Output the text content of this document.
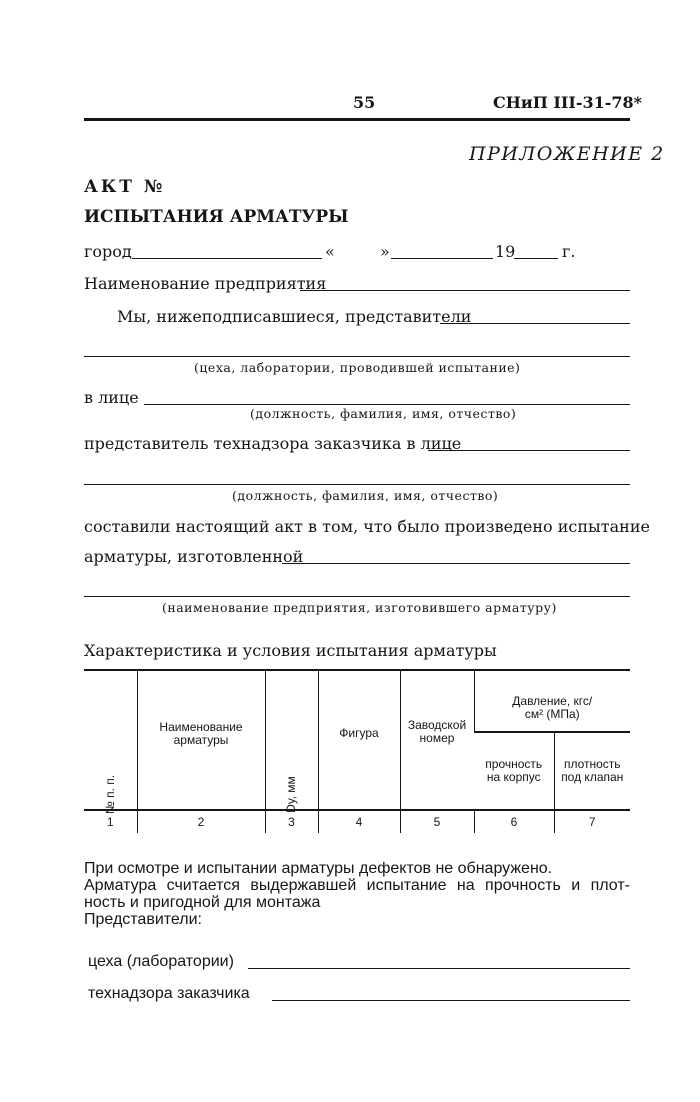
55	СНиП III-31-78*
ПРИЛОЖЕНИЕ 2
АКТ №
ИСПЫТАНИЯ АРМАТУРЫ
город	«	»	19	г.
Наименование предприятия
Мы, нижеподписавшиеся, представители
(цеха, лаборатории, проводившей испытание)
в лице
(должность, фамилия, имя, отчество)
представитель технадзора заказчика в лице
(должность, фамилия, имя, отчество)
составили настоящий акт в том, что было произведено испытание
арматуры, изготовленной
(наименование предприятия, изготовившего арматуру)
Характеристика и условия испытания арматуры
№ п. п.	Наименование арматуры	Dу, мм	Фигура	Заводской номер	Давление, кгс/см² (МПа)	
					прочность на корпус	плотность под клапан
1	2	3	4	5	6	7
При осмотре и испытании арматуры дефектов не обнаружено.
Арматура считается выдержавшей испытание на прочность и плот-
ность и пригодной для монтажа
Представители:
цеха (лаборатории)
технадзора заказчика
